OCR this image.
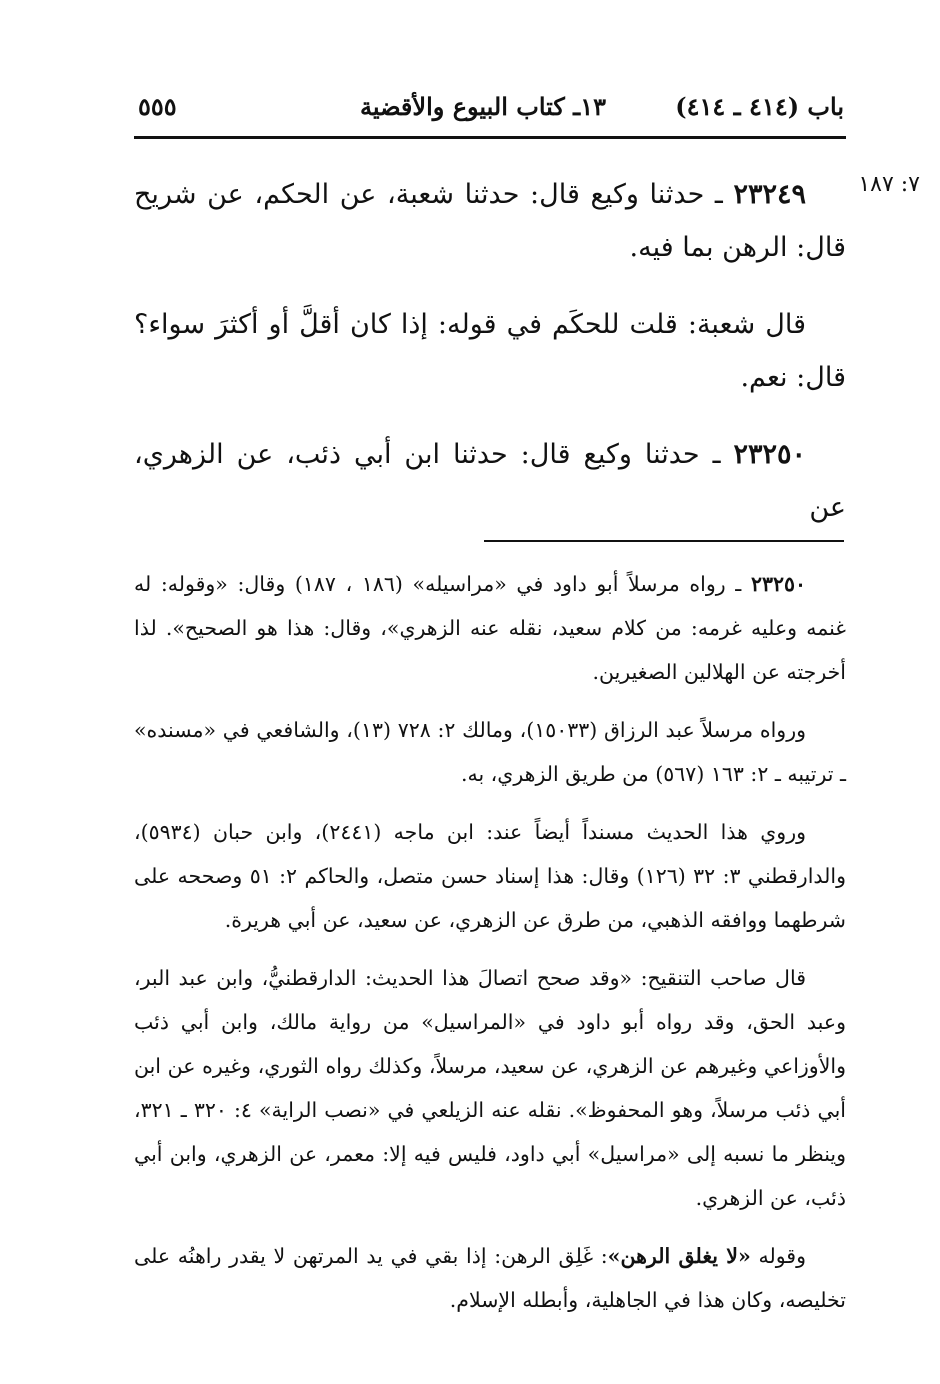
باب (٤١٤ ـ ٤١٤)
١٣ـ كتاب البيوع والأقضية
٥٥٥
٧: ١٨٧

٢٣٢٤٩ ـ حدثنا وكيع قال: حدثنا شعبة، عن الحكم، عن شريح قال: الرهن بما فيه.

قال شعبة: قلت للحكَم في قوله: إذا كان أقلَّ أو أكثرَ سواء؟ قال: نعم.

٢٣٢٥٠ ـ حدثنا وكيع قال: حدثنا ابن أبي ذئب، عن الزهري، عن

٢٣٢٥٠ ـ رواه مرسلاً أبو داود في «مراسيله» (١٨٦ ، ١٨٧) وقال: «وقوله: له غنمه وعليه غرمه: من كلام سعيد، نقله عنه الزهري»، وقال: هذا هو الصحيح». لذا أخرجته عن الهلالين الصغيرين.

ورواه مرسلاً عبد الرزاق (١٥٠٣٣)، ومالك ٢: ٧٢٨ (١٣)، والشافعي في «مسنده» ـ ترتيبه ـ ٢: ١٦٣ (٥٦٧) من طريق الزهري، به.

وروي هذا الحديث مسنداً أيضاً عند: ابن ماجه (٢٤٤١)، وابن حبان (٥٩٣٤)، والدارقطني ٣: ٣٢ (١٢٦) وقال: هذا إسناد حسن متصل، والحاكم ٢: ٥١ وصححه على شرطهما ووافقه الذهبي، من طرق عن الزهري، عن سعيد، عن أبي هريرة.

قال صاحب التنقيح: «وقد صحح اتصالَ هذا الحديث: الدارقطنيُّ، وابن عبد البر، وعبد الحق، وقد رواه أبو داود في «المراسيل» من رواية مالك، وابن أبي ذئب والأوزاعي وغيرهم عن الزهري، عن سعيد، مرسلاً، وكذلك رواه الثوري، وغيره عن ابن أبي ذئب مرسلاً، وهو المحفوظ». نقله عنه الزيلعي في «نصب الراية» ٤: ٣٢٠ ـ ٣٢١، وينظر ما نسبه إلى «مراسيل» أبي داود، فليس فيه إلا: معمر، عن الزهري، وابن أبي ذئب، عن الزهري.

وقوله «لا يغلق الرهن»: غَلِق الرهن: إذا بقي في يد المرتهن لا يقدر راهنُه على تخليصه، وكان هذا في الجاهلية، وأبطله الإسلام.
